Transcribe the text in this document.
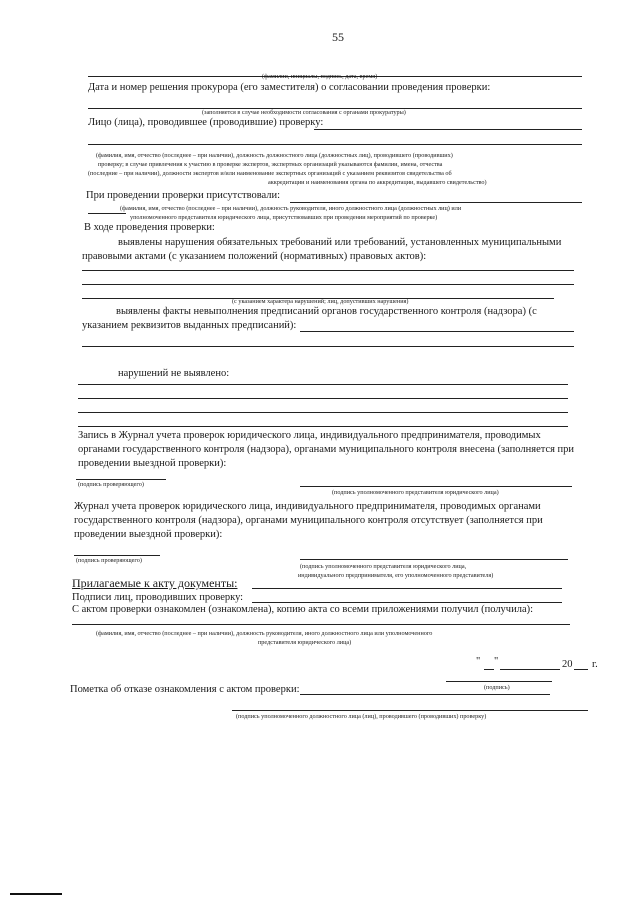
55
(фамилии, инициалы, подпись, дата, время)
Дата и номер решения прокурора (его заместителя) о согласовании проведения проверки:
(заполняется в случае необходимости согласования с органами прокуратуры)
Лицо (лица), проводившее (проводившие) проверку:
(фамилия, имя, отчество (последнее – при наличии), должность должностного лица (должностных лиц), проводившего (проводивших)
проверку; в случае привлечения к участию в проверке экспертов, экспертных организаций указываются фамилии, имена, отчества
(последние – при наличии), должности экспертов и/или наименование экспертных организаций с указанием реквизитов свидетельства об
аккредитации и наименования органа по аккредитации, выдавшего свидетельство)
При проведении проверки присутствовали:
(фамилия, имя, отчество (последнее – при наличии), должность руководителя, иного должностного лица (должностных лиц) или
уполномоченного представителя юридического лица, присутствовавших при проведении мероприятий по проверке)
В ходе проведения проверки:
выявлены нарушения обязательных требований или требований, установленных муниципальными
правовыми актами (с указанием положений (нормативных) правовых актов):
(с указанием характера нарушений; лиц, допустивших нарушения)
выявлены факты невыполнения предписаний органов государственного контроля (надзора) (с
указанием реквизитов выданных предписаний):
нарушений не выявлено:
Запись в Журнал учета проверок юридического лица, индивидуального предпринимателя, проводимых
органами государственного контроля (надзора), органами муниципального контроля внесена (заполняется при
проведении выездной проверки):
(подпись проверяющего)
(подпись уполномоченного представителя юридического лица)
Журнал учета проверок юридического лица, индивидуального предпринимателя, проводимых органами
государственного контроля (надзора), органами муниципального контроля отсутствует (заполняется при
проведении выездной проверки):
(подпись проверяющего)
(подпись уполномоченного представителя юридического лица,
индивидуального предпринимателя, его уполномоченного представителя)
Прилагаемые к акту документы:
Подписи лиц, проводивших проверку:
С актом проверки ознакомлен (ознакомлена), копию акта со всеми приложениями получил (получила):
(фамилия, имя, отчество (последнее – при наличии), должность руководителя, иного должностного лица или уполномоченного
представителя юридического лица)
" "	20 г.
(подпись)
Пометка об отказе ознакомления с актом проверки:
(подпись уполномоченного должностного лица (лиц), проводившего (проводивших) проверку)
